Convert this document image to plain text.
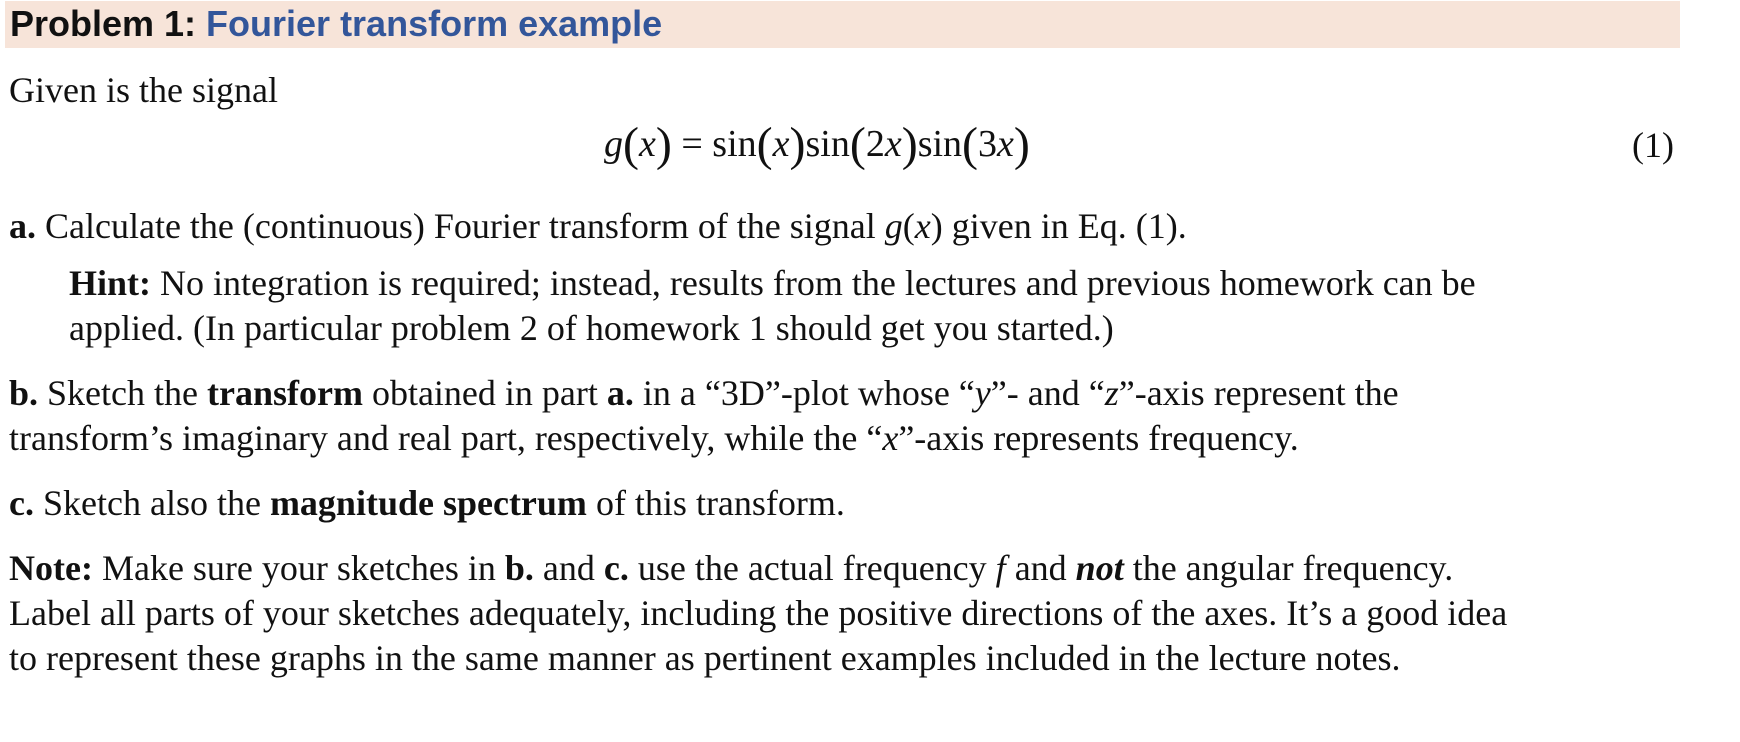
Problem 1: Fourier transform example
Given is the signal
g(x) = sin(x)sin(2x)sin(3x)	(1)
a. Calculate the (continuous) Fourier transform of the signal g(x) given in Eq. (1).
Hint: No integration is required; instead, results from the lectures and previous homework can be
applied. (In particular problem 2 of homework 1 should get you started.)
b. Sketch the transform obtained in part a. in a “3D”-plot whose “y”- and “z”-axis represent the
transform’s imaginary and real part, respectively, while the “x”-axis represents frequency.
c. Sketch also the magnitude spectrum of this transform.
Note: Make sure your sketches in b. and c. use the actual frequency f and not the angular frequency.
Label all parts of your sketches adequately, including the positive directions of the axes. It’s a good idea
to represent these graphs in the same manner as pertinent examples included in the lecture notes.
